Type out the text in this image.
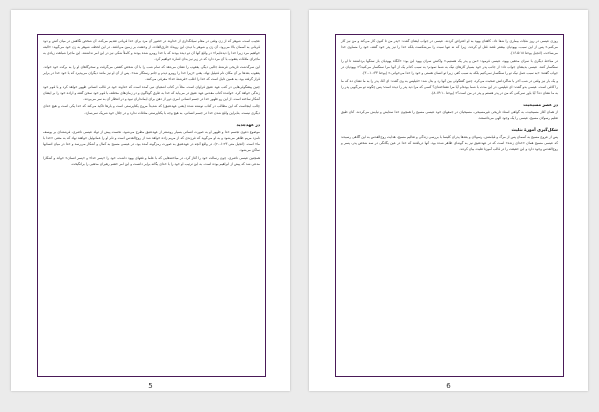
عجیب است، شوهر که از زن وفتی در مقام سیانگذاری از خداوند در حضور آن مرد برای خدا قربانی تقدیم می‌کند، آن شخص نگاهش در میان آتش و دود قربانی به آسمان بالا می‌رود. آن زن و شوهر با دیدن این رویداد خارق‌العاده، از وحشت بر زمین می‌افتند. در این لحظه، شوهر به زن خود می‌گوید: «البته خواهیم مرد زیرا خدا را دیده‌ایم!» در واقع آنها آن دو دیده بودند که با خدا روبرو شده بودند و کاملاً شکی نیز در این امر نداشتند. این ماجرا شباهت زیادی به ماجرای ملاقات یعقوب با آن مرد دارد که در زیر نیز بدان اشاره خواهیم کرد.
این سرگذشت تاریخی فرشتهٔ جالبی دیگر، یعقوب را نشان می‌دهد که تمام شب را با آن شخص کشتی می‌گرفت و سحرگاهان او را به برکت خود خواند. یعقوب بعدها بر آن مکان نام فنیئیل نهاد، یعنی «زیرا خدا را روبرو دیدم و جانم رستگار شد». پس از آن او نیز مانند دیگران می‌پذیرد که با خود خدا در برابر قرار گرفته بود. به همین دلیل است که خدا را اغلب «فرشتهٔ خدا» معرفی می‌کنند.
چنین پیشگوئی‌هایی در کتب عهد عتیق فراوان است. مثلاً در کتاب اشعیای نبی آمده است که خداوند خود در قالب انسانی ظهور خواهد کرد و با قوم خود زندگی خواهد کرد. خواننده کتاب مقدس عهد عتیق در می‌یابد که خدا به طرق گوناگون و در زمان‌های مختلف با قوم خود سخن گفته و اراده خود را بر ایشان آشکار ساخته است. از این رو ظهور خدا در جسم انسانی امری دور از ذهن برای ایمانداران نبود و در انتظار آن به سر می‌بردند.
چالب اینجاست که این مطالب در کتاب نوشته شده (یعنی عهدعتیق) که شدیداً مروج یکتاپرستی است و بارها تاکید می‌کند که خدا یکی است و هیچ خدای دیگری نیست. بنابراین واقع شدن خدا در جسم انسانی، به هیچ وجه با یکتاپرستی منافات ندارد و در جلال خود شریک نمی‌سازد.
در عهدجدید
موضوع دعوی تجسم خدا و ظهور او به صورت انسانی بسیار روشنتر از عهدعتیق مطرح می‌شود. نخست پیش از تولد عیسی ناصری، فرشته‌ای بر یوسف نامزد مریم ظاهر می‌شود و به او می‌گوید که فرزندی که از مریم زاده خواهد شد از روح‌القدس است و نام او را عمانوئیل خواهند نهاد که به معنی «خدا با ما» است. (انجیل متی ۱:۲۳-۲۰). در واقع آنچه در عهدعتیق به صورت رمزگونه آمده بود، در عیسی مسیح به کمال و آشکار می‌رسد و خدا در میان انسانها ساکن می‌شود.
همچنین عیسی ناصری، چون رسالت خود را آغاز کرد، در مباحثه‌هایی که با علما و فقهای یهود داشت، خود را «پسر خدا» و «پسر انسان» خواند و آشکارا مدعی شد که پیش از ابراهیم بوده است. به این ترتیب او خود را با خدای یگانه برابر دانست و این امر خشم رهبران مذهبی را برانگیخت.
5
روزی عیسی در روز شبّات بیماری را شفا داد. کاهنان یهود به او اعتراض کردند. عیسی در جواب ایشان گفت: «پدر من تا کنون کار می‌کند و من نیز کار می‌کنم.» پس از این سبب، یهودیان بیشتر قصد قتل او کردند، زیرا که نه تنها سبت را می‌شکست بلکه خدا را نیز پدر خود گفته، خود را مساوی خدا می‌ساخت. (انجیل یوحنا ۵:۱۸-۱۶).
در مباحثهٔ دیگری با سران مذهبی یهود، عیسی فرمود: «من و پدر یک هستیم.» واکنش سران یهود این بود: «آنگاه یهودیان باز سنگها برداشتند تا او را سنگسار کنند. عیسی بدیشان جواب داد: از جانب پدر خود بسیار کارهای نیک به شما نمودم؛ به سبب کدام یک از آنها مرا سنگسار می‌کنید؟» یهودیان در جواب گفتند: «به سبب عمل نیک تو را سنگسار نمی‌کنیم بلکه به سبب کفر، زیرا تو انسان هستی و خود را خدا می‌خوانی.» (یوحنا ۱۰:۳۳-۳۰).
و یک بار نیز وقتی در شب آخر با شاگردانش صحبت می‌کرد، چنین گفتگوئی بین آنها رد و بدل شد: «فیلپس به وی گفت: ای آقا، پدر را به ما نشان ده که ما را کافی است. عیسی بدو گفت: ای فیلپس، در این مدت با شما بوده‌ام آیا مرا نشناخته‌ای؟ کسی که مرا دید پدر را دیده است؛ پس چگونه تو می‌گویی پدر را به ما نشان ده؟ آیا باور نمی‌کنی که من در پدر هستم و پدر در من است؟» (یوحنا ۱۴:۱۰-۸).
در عصر مسیحیت
از همان آغاز مسیحیت، به گواهی اسناد تاریخی غیرمسیحی، مسیحیان در جمعهای خود عیسی مسیح را همچون خدا ستایش و نیایش می‌کردند. آنان طبق تعلیم رسولان مسیح، عیسی را یک وجود الهی می‌دانستند.
شکل‌گیری آموزهٔ تثلیث
پس از عروج مسیح به آسمان پس از مرگ و قیامتش، رسولان و بعدها پدران کلیسا با بررسی زندگی و تعالیم مسیح، هدایت روح‌القدس به این آگاهی رسیدند که عیسی مسیح همان «خدای زنده» است که در عهدعتیق نیز به گونه‌ای ظاهر شده بود. آنها دریافتند که خدا در عین یگانگی در سه شخص پدر، پسر و روح‌القدس وجود دارد و این حقیقت را در قالب آموزهٔ تثلیث بیان کردند.
6
